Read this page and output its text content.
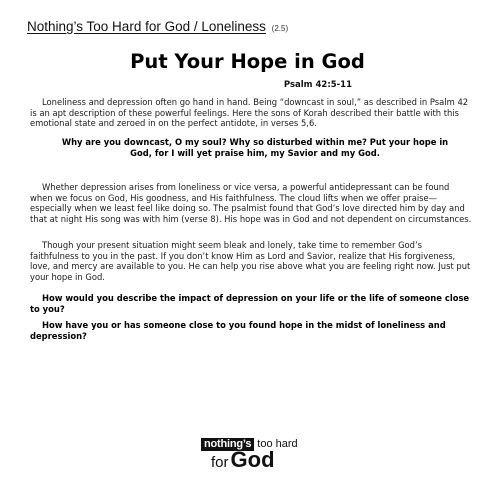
Nothing’s Too Hard for God / Loneliness (2.5)
Put Your Hope in God
Psalm 42:5-11

Loneliness and depression often go hand in hand. Being “downcast in soul,” as described in Psalm 42 is an apt description of these powerful feelings. Here the sons of Korah described their battle with this emotional state and zeroed in on the perfect antidote, in verses 5,6.

Why are you downcast, O my soul? Why so disturbed within me? Put your hope in
God, for I will yet praise him, my Savior and my God.

Whether depression arises from loneliness or vice versa, a powerful antidepressant can be found when we focus on God, His goodness, and His faithfulness. The cloud lifts when we offer praise—especially when we least feel like doing so. The psalmist found that God’s love directed him by day and that at night His song was with him (verse 8). His hope was in God and not dependent on circumstances.

Though your present situation might seem bleak and lonely, take time to remember God’s faithfulness to you in the past. If you don’t know Him as Lord and Savior, realize that His forgiveness, love, and mercy are available to you. He can help you rise above what you are feeling right now. Just put your hope in God.

How would you describe the impact of depression on your life or the life of someone close to you?
How have you or has someone close to you found hope in the midst of loneliness and depression?
nothing’s too hard
forGod
